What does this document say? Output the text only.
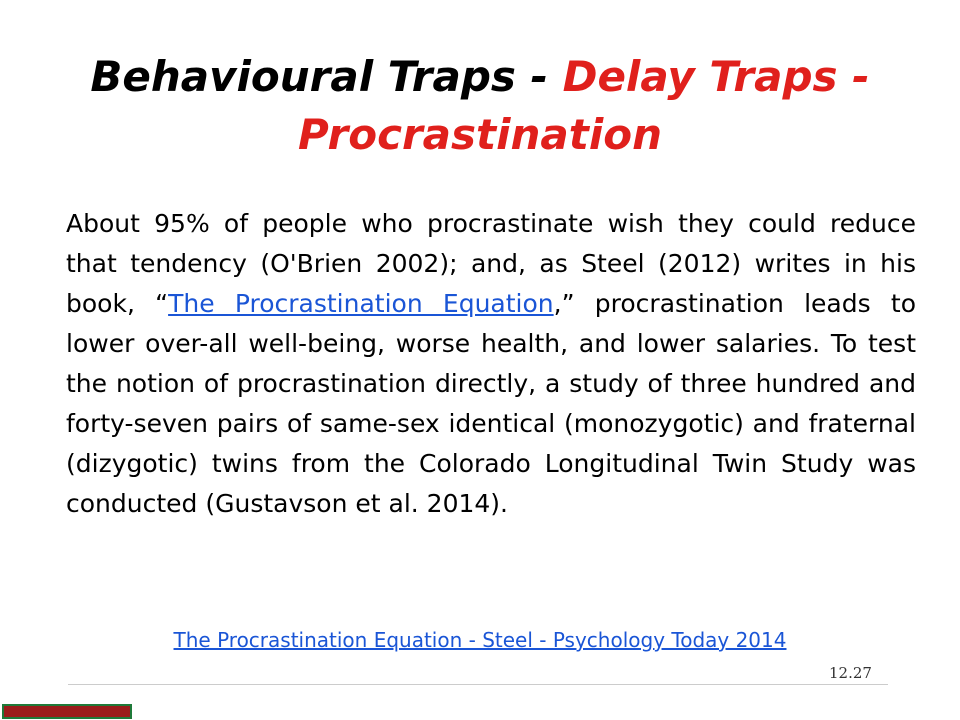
Behavioural Traps - Delay Traps - Procrastination
About 95% of people who procrastinate wish they could reduce that tendency (O'Brien 2002); and, as Steel (2012) writes in his book, “The Procrastination Equation,” procrastination leads to lower over-all well-being, worse health, and lower salaries. To test the notion of procrastination directly, a study of three hundred and forty-seven pairs of same-sex identical (monozygotic) and fraternal (dizygotic) twins from the Colorado Longitudinal Twin Study was conducted (Gustavson et al. 2014).
The Procrastination Equation - Steel - Psychology Today 2014
12.27
